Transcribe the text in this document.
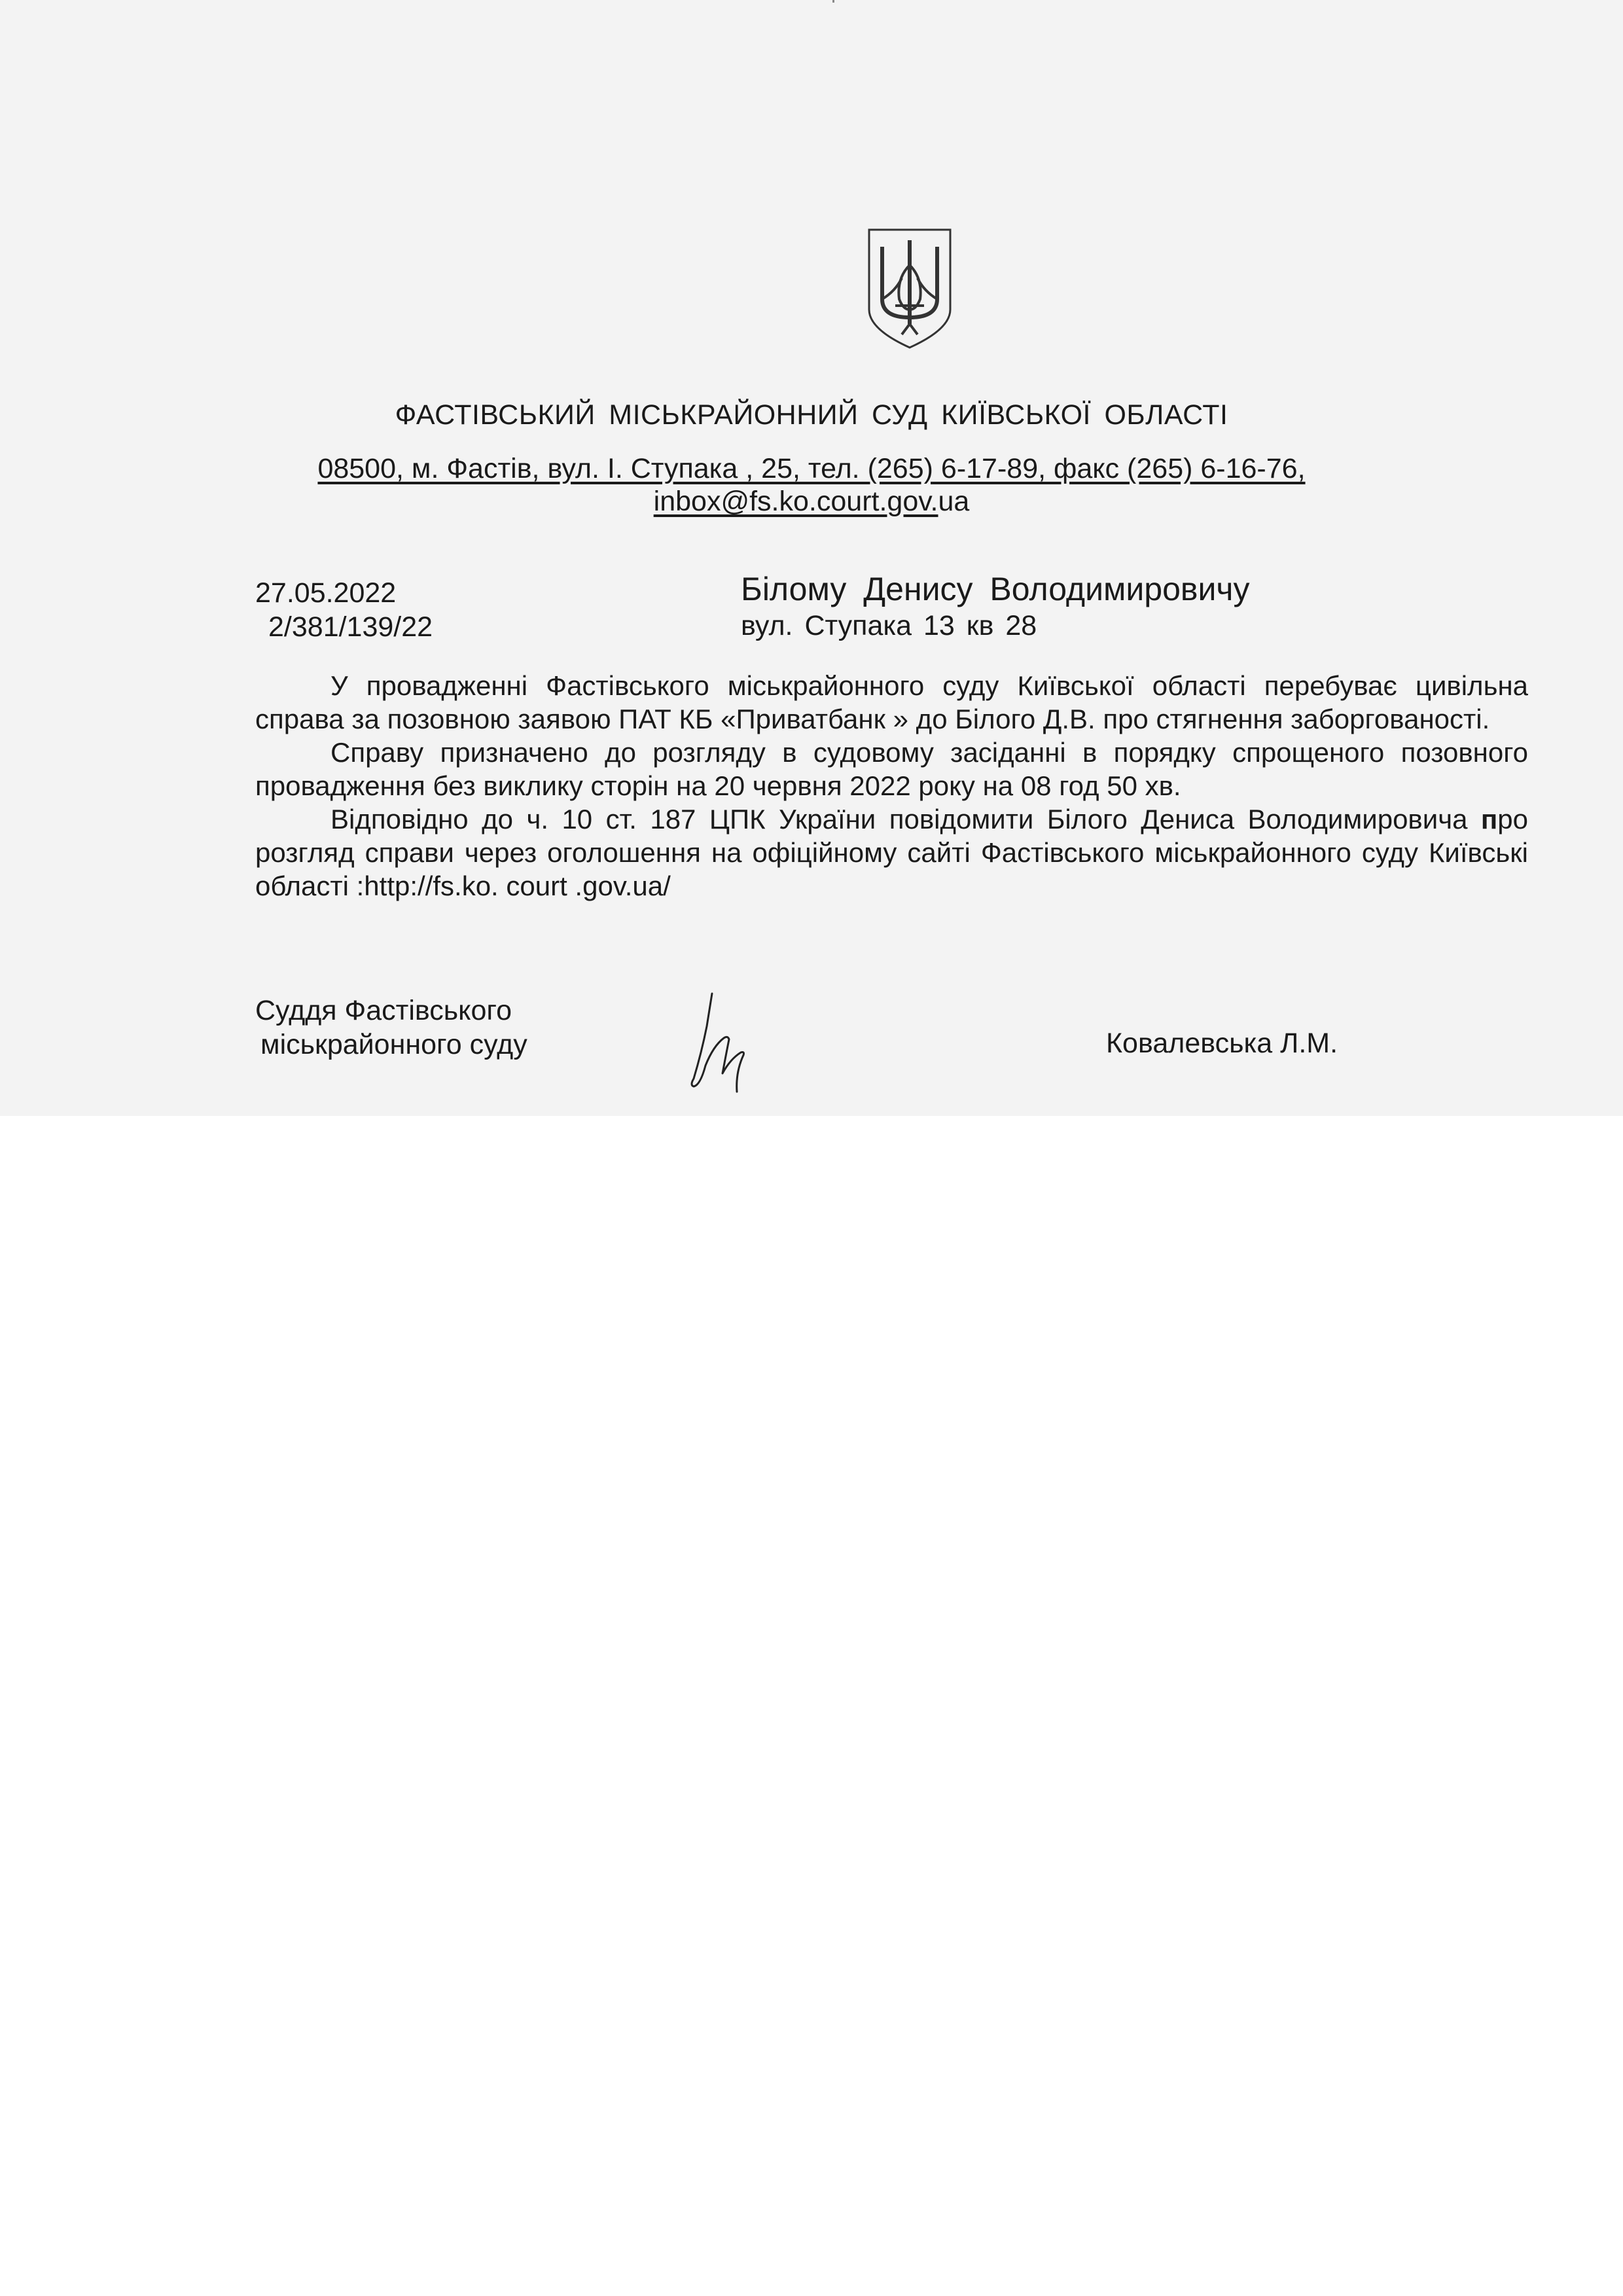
ФАСТІВСЬКИЙ МІСЬКРАЙОННИЙ СУД КИЇВСЬКОЇ ОБЛАСТІ
08500, м. Фастів, вул. І. Ступака , 25, тел. (265) 6-17-89, факс (265) 6-16-76,
inbox@fs.ko.court.gov.ua
27.05.2022
2/381/139/22
Білому Денису Володимировичу
вул. Ступака 13 кв 28

У провадженні Фастівського міськрайонного суду Київської області перебуває цивільна справа за позовною заявою ПАТ КБ «Приватбанк » до Білого Д.В. про стягнення заборгованості.

Справу призначено до розгляду в судовому засіданні в порядку спрощеного позовного провадження без виклику сторін на 20 червня 2022 року на 08 год 50 хв.

Відповідно до ч. 10 ст. 187 ЦПК України повідомити Білого Дениса Володимировича про розгляд справи через оголошення на офіційному сайті Фастівського міськрайонного суду Київські області :http://fs.ko. court .gov.ua/

Суддя Фастівського
міськрайонного суду	Ковалевська Л.М.
